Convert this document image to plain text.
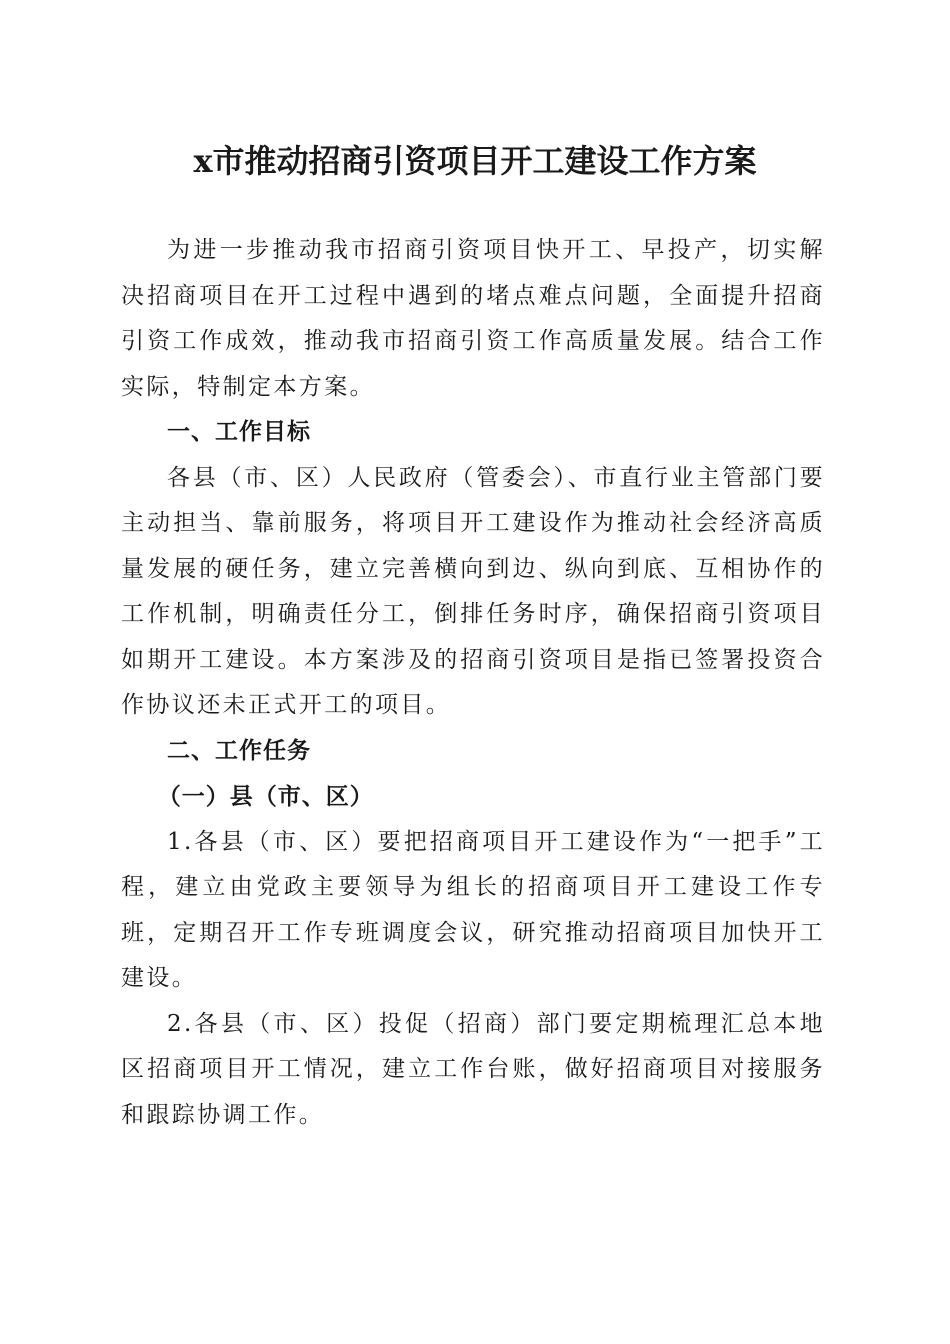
x市推动招商引资项目开工建设工作方案

为进一步推动我市招商引资项目快开工、早投产，切实解决招商项目在开工过程中遇到的堵点难点问题，全面提升招商引资工作成效，推动我市招商引资工作高质量发展。结合工作实际，特制定本方案。

一、工作目标

各县（市、区）人民政府（管委会）、市直行业主管部门要主动担当、靠前服务，将项目开工建设作为推动社会经济高质量发展的硬任务，建立完善横向到边、纵向到底、互相协作的工作机制，明确责任分工，倒排任务时序，确保招商引资项目如期开工建设。本方案涉及的招商引资项目是指已签署投资合作协议还未正式开工的项目。

二、工作任务

（一）县（市、区）

1.各县（市、区）要把招商项目开工建设作为“一把手”工程，建立由党政主要领导为组长的招商项目开工建设工作专班，定期召开工作专班调度会议，研究推动招商项目加快开工建设。

2.各县（市、区）投促（招商）部门要定期梳理汇总本地区招商项目开工情况，建立工作台账，做好招商项目对接服务和跟踪协调工作。
